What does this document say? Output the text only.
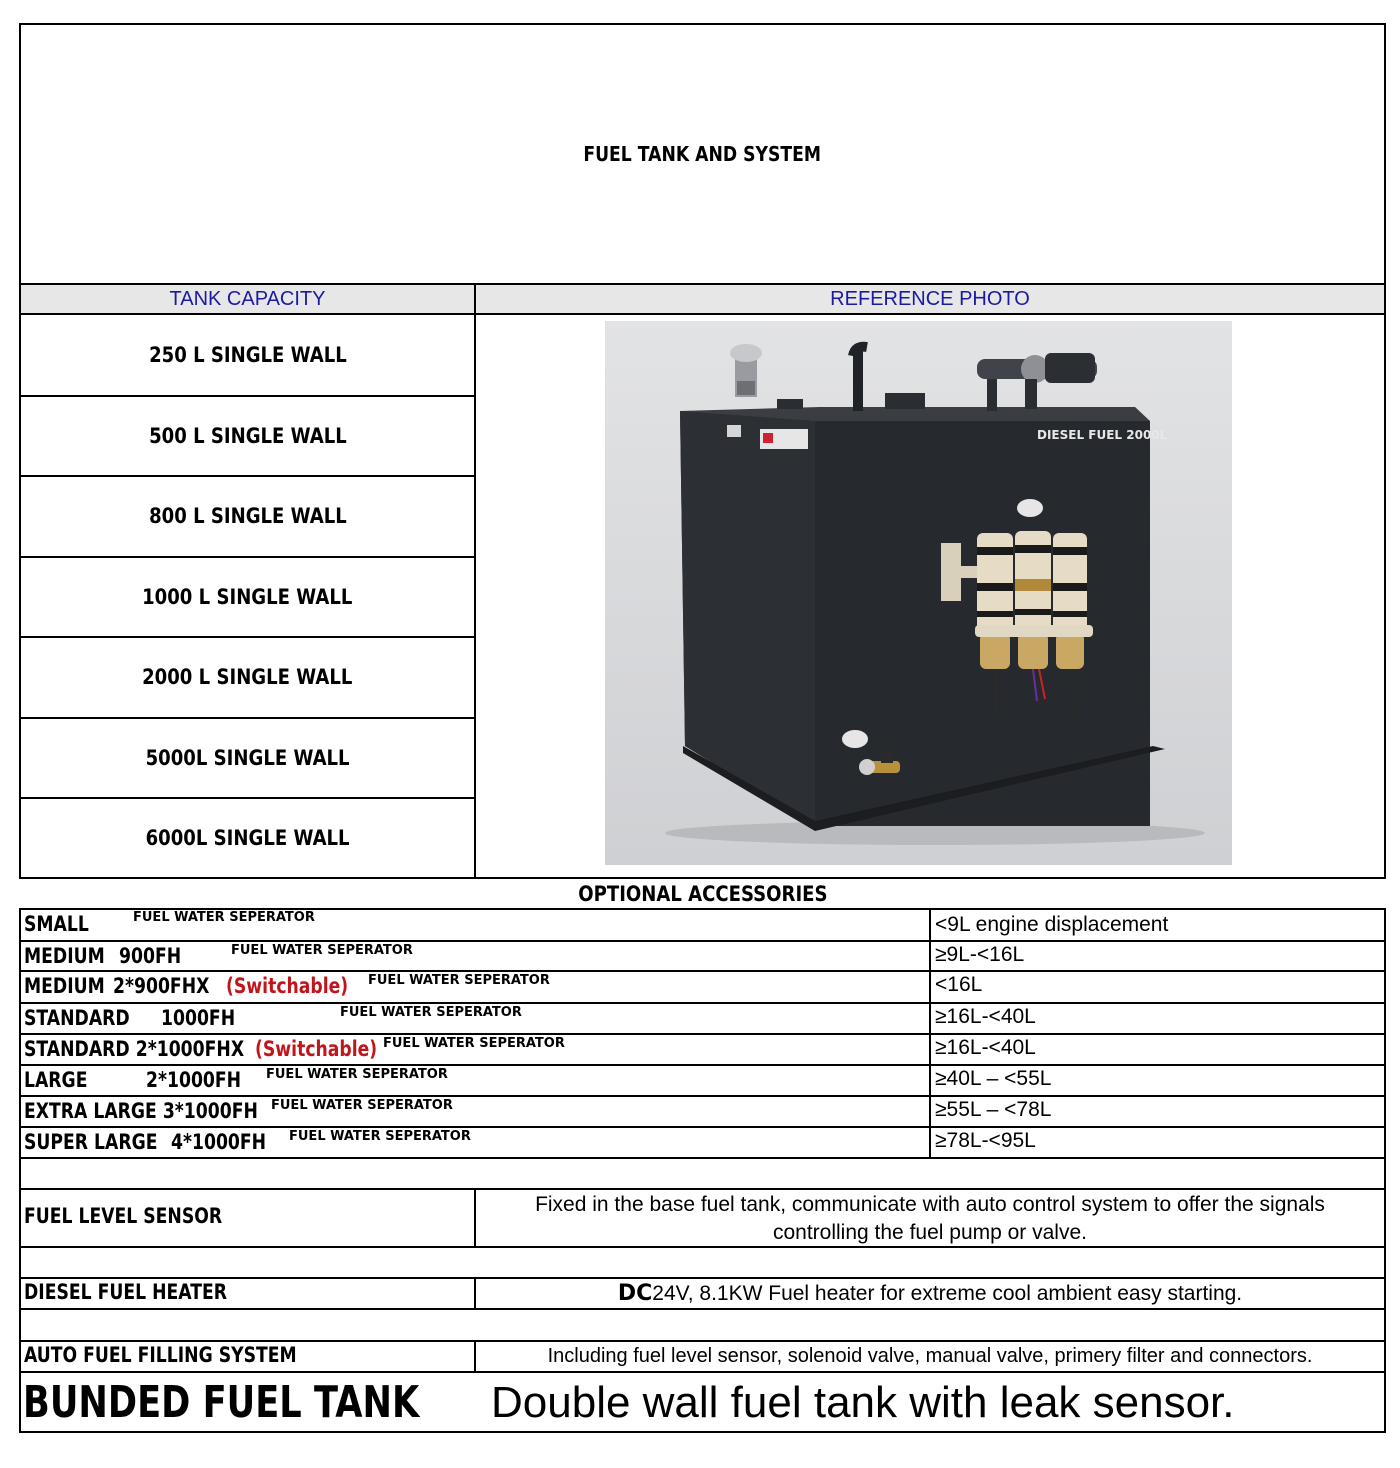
FUEL TANK AND SYSTEM
TANK CAPACITY	REFERENCE PHOTO
250 L SINGLE WALL
500 L SINGLE WALL
800 L SINGLE WALL
1000 L SINGLE WALL
2000 L SINGLE WALL
5000L SINGLE WALL
6000L SINGLE WALL
DIESEL FUEL 2000L
OPTIONAL ACCESSORIES
SMALL	FUEL WATER SEPERATOR	<9L engine displacement
MEDIUM 900FH	FUEL WATER SEPERATOR	≥9L-<16L
MEDIUM 2*900FHX (Switchable) FUEL WATER SEPERATOR	<16L
STANDARD 1000FH	FUEL WATER SEPERATOR	≥16L-<40L
STANDARD 2*1000FHX (Switchable) FUEL WATER SEPERATOR	≥16L-<40L
LARGE	2*1000FH FUEL WATER SEPERATOR	≥40L – <55L
EXTRA LARGE 3*1000FH FUEL WATER SEPERATOR	≥55L – <78L
SUPER LARGE 4*1000FH FUEL WATER SEPERATOR	≥78L-<95L
FUEL LEVEL SENSOR	Fixed in the base fuel tank, communicate with auto control system to offer the signals
controlling the fuel pump or valve.
DIESEL FUEL HEATER	DC 24V, 8.1KW Fuel heater for extreme cool ambient easy starting.
AUTO FUEL FILLING SYSTEM	Including fuel level sensor, solenoid valve, manual valve, primery filter and connectors.
BUNDED FUEL TANK Double wall fuel tank with leak sensor.
